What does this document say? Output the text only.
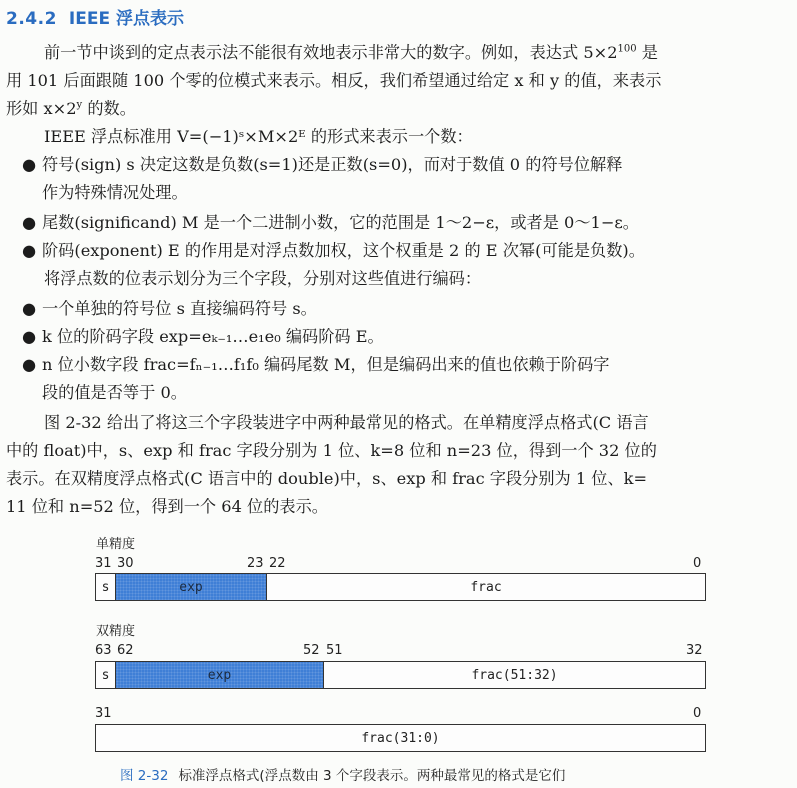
2.4.2 IEEE 浮点表示
前一节中谈到的定点表示法不能很有效地表示非常大的数字。例如，表达式 $5\times 2^{100}$ 是
用 101 后面跟随 100 个零的位模式来表示。相反，我们希望通过给定 x 和 y 的值，来表示
形如 $x\times 2^y$ 的数。
IEEE 浮点标准用 V=(−1)ˢ×M×2ᴱ 的形式来表示一个数：
● 符号(sign) s 决定这数是负数(s=1)还是正数(s=0)，而对于数值 0 的符号位解释
作为特殊情况处理。
● 尾数(significand) M 是一个二进制小数，它的范围是 1～2−ε，或者是 0～1−ε。
● 阶码(exponent) E 的作用是对浮点数加权，这个权重是 2 的 E 次幂(可能是负数)。
将浮点数的位表示划分为三个字段，分别对这些值进行编码：
● 一个单独的符号位 s 直接编码符号 s。
● k 位的阶码字段 exp=eₖ₋₁…e₁e₀ 编码阶码 E。
● n 位小数字段 frac=fₙ₋₁…f₁f₀ 编码尾数 M，但是编码出来的值也依赖于阶码字
段的值是否等于 0。
图 2-32 给出了将这三个字段装进字中两种最常见的格式。在单精度浮点格式(C 语言
中的 float)中，s、exp 和 frac 字段分别为 1 位、k=8 位和 n=23 位，得到一个 32 位的
表示。在双精度浮点格式(C 语言中的 double)中，s、exp 和 frac 字段分别为 1 位、k=
11 位和 n=52 位，得到一个 64 位的表示。
单精度
31 30	23 22	0
s	exp	frac
双精度
63 62	52 51	32
s	exp	frac(51:32)
31	0
frac(31:0)
图 2-32 标准浮点格式(浮点数由 3 个字段表示。两种最常见的格式是它们
